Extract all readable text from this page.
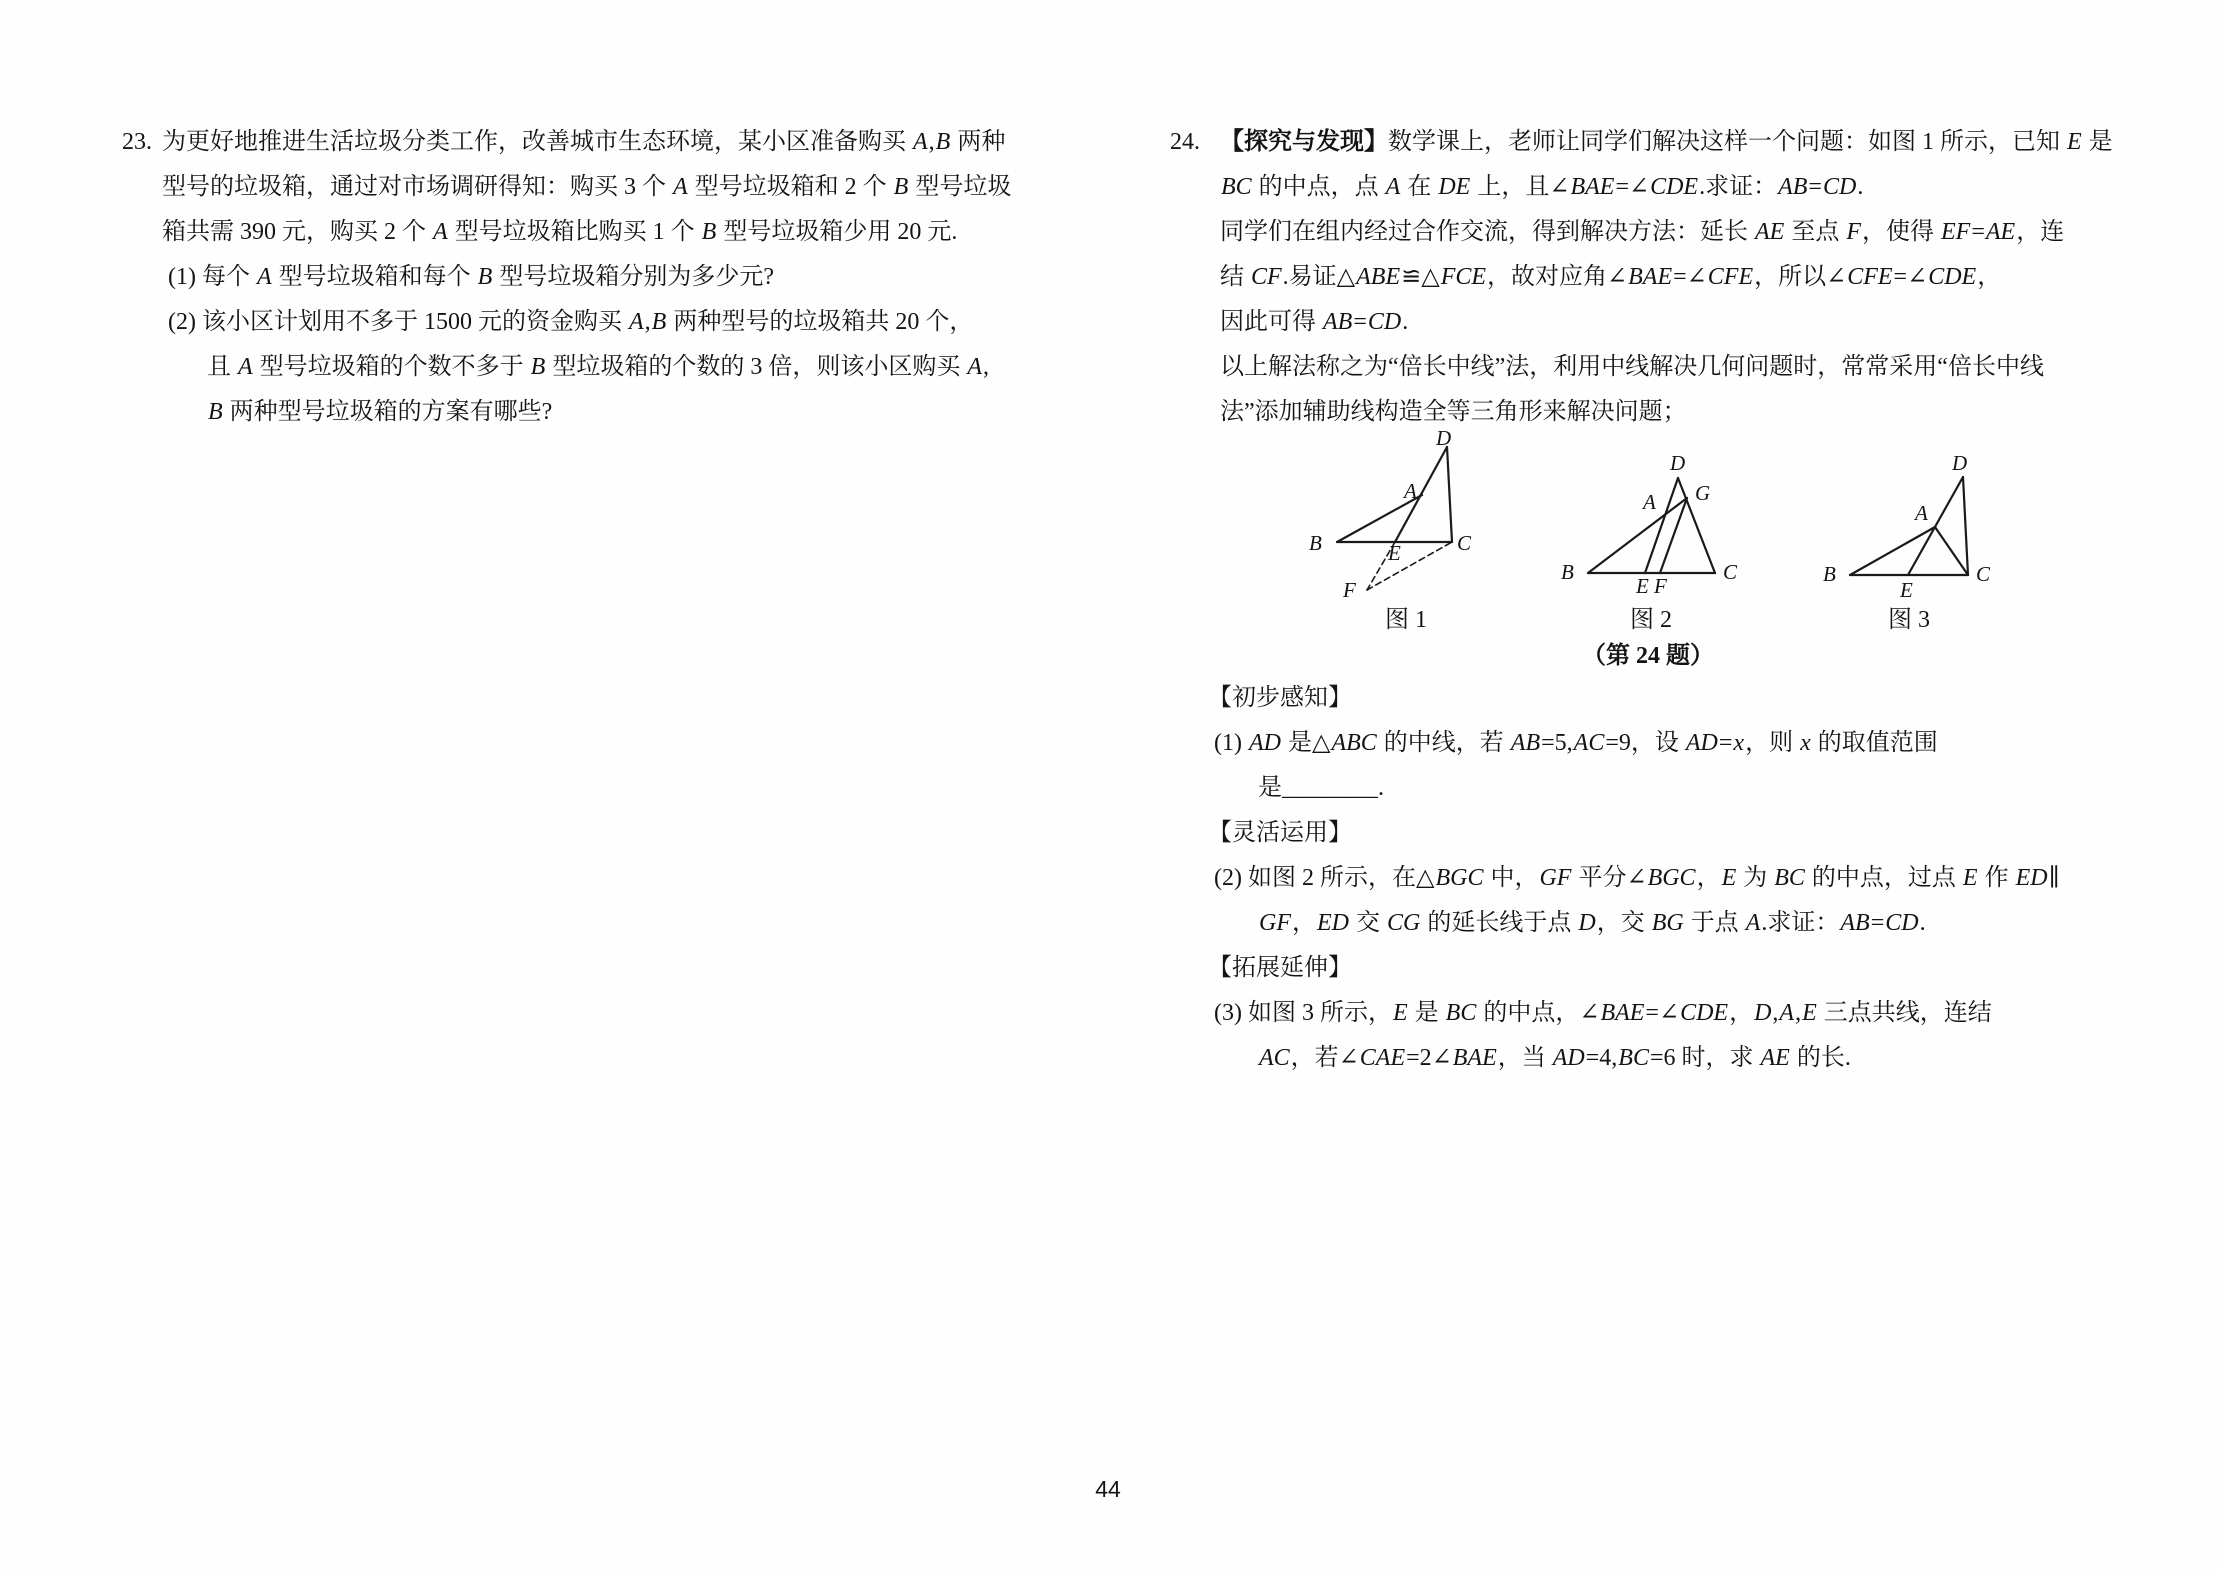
23. 为更好地推进生活垃圾分类工作，改善城市生态环境，某小区准备购买 A,B 两种
型号的垃圾箱，通过对市场调研得知：购买 3 个 A 型号垃圾箱和 2 个 B 型号垃圾
箱共需 390 元，购买 2 个 A 型号垃圾箱比购买 1 个 B 型号垃圾箱少用 20 元.
(1) 每个 A 型号垃圾箱和每个 B 型号垃圾箱分别为多少元?
(2) 该小区计划用不多于 1500 元的资金购买 A,B 两种型号的垃圾箱共 20 个，
且 A 型号垃圾箱的个数不多于 B 型垃圾箱的个数的 3 倍，则该小区购买 A,
B 两种型号垃圾箱的方案有哪些?
24. 【探究与发现】数学课上，老师让同学们解决这样一个问题：如图 1 所示，已知 E 是
BC 的中点，点 A 在 DE 上，且∠BAE=∠CDE.求证：AB=CD.
同学们在组内经过合作交流，得到解决方法：延长 AE 至点 F，使得 EF=AE，连
结 CF.易证△ABE≌△FCE，故对应角∠BAE=∠CFE，所以∠CFE=∠CDE，
因此可得 AB=CD.
以上解法称之为“倍长中线”法，利用中线解决几何问题时，常常采用“倍长中线
法”添加辅助线构造全等三角形来解决问题；
B	C
D
A
E
F
图 1
B	C
D
G
A
E F
图 2
B	C
D
A
E
图 3
（第 24 题）
【初步感知】
(1) AD 是△ABC 的中线，若 AB=5,AC=9，设 AD=x，则 x 的取值范围
是________.
【灵活运用】
(2) 如图 2 所示，在△BGC 中，GF 平分∠BGC，E 为 BC 的中点，过点 E 作 ED∥
GF，ED 交 CG 的延长线于点 D，交 BG 于点 A.求证：AB=CD.
【拓展延伸】
(3) 如图 3 所示，E 是 BC 的中点，∠BAE=∠CDE，D,A,E 三点共线，连结
AC，若∠CAE=2∠BAE，当 AD=4,BC=6 时，求 AE 的长.
44
